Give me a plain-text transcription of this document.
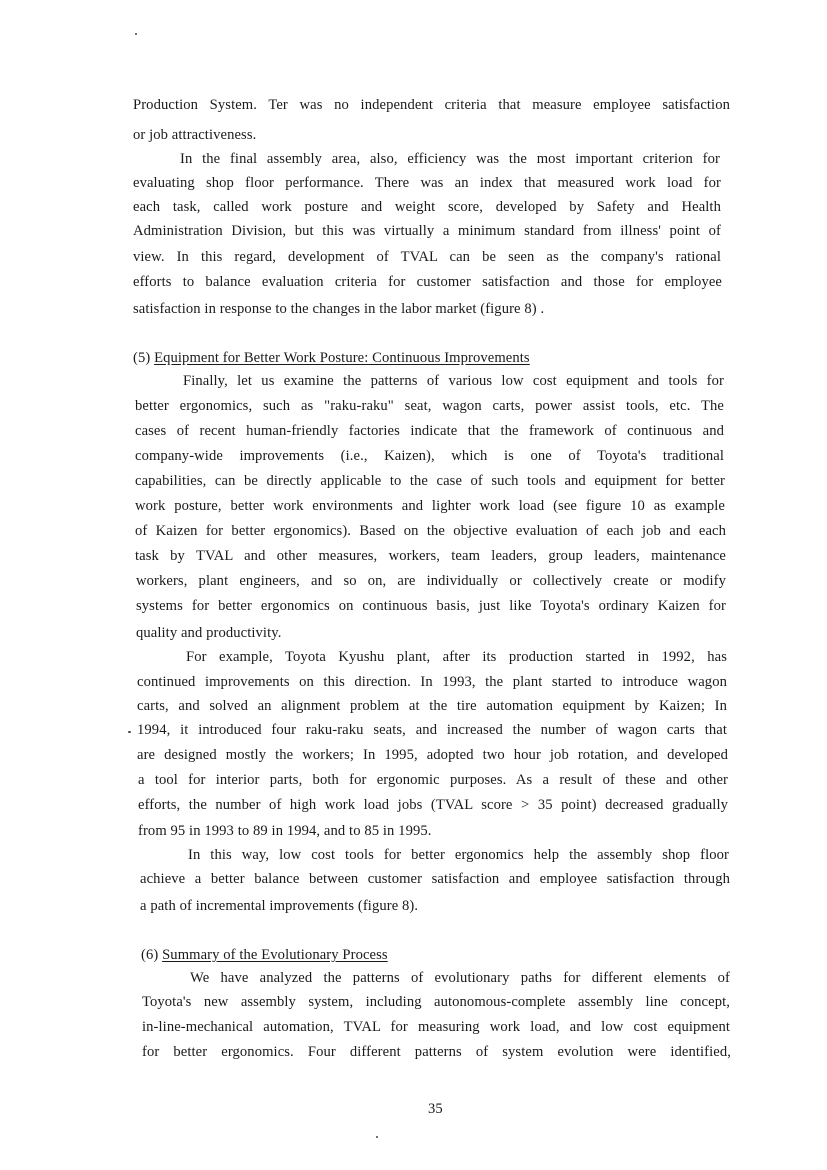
Production System. Ter was no independent criteria that measure employee satisfaction
or job attractiveness.
In the final assembly area, also, efficiency was the most important criterion for
evaluating shop floor performance. There was an index that measured work load for
each task, called work posture and weight score, developed by Safety and Health
Administration Division, but this was virtually a minimum standard from illness' point of
view. In this regard, development of TVAL can be seen as the company's rational
efforts to balance evaluation criteria for customer satisfaction and those for employee
satisfaction in response to the changes in the labor market (figure 8) .
(5) Equipment for Better Work Posture: Continuous Improvements
Finally, let us examine the patterns of various low cost equipment and tools for
better ergonomics, such as "raku-raku" seat, wagon carts, power assist tools, etc. The
cases of recent human-friendly factories indicate that the framework of continuous and
company-wide improvements (i.e., Kaizen), which is one of Toyota's traditional
capabilities, can be directly applicable to the case of such tools and equipment for better
work posture, better work environments and lighter work load (see figure 10 as example
of Kaizen for better ergonomics). Based on the objective evaluation of each job and each
task by TVAL and other measures, workers, team leaders, group leaders, maintenance
workers, plant engineers, and so on, are individually or collectively create or modify
systems for better ergonomics on continuous basis, just like Toyota's ordinary Kaizen for
quality and productivity.
For example, Toyota Kyushu plant, after its production started in 1992, has
continued improvements on this direction. In 1993, the plant started to introduce wagon
carts, and solved an alignment problem at the tire automation equipment by Kaizen; In
1994, it introduced four raku-raku seats, and increased the number of wagon carts that
are designed mostly the workers; In 1995, adopted two hour job rotation, and developed
a tool for interior parts, both for ergonomic purposes. As a result of these and other
efforts, the number of high work load jobs (TVAL score > 35 point) decreased gradually
from 95 in 1993 to 89 in 1994, and to 85 in 1995.
In this way, low cost tools for better ergonomics help the assembly shop floor
achieve a better balance between customer satisfaction and employee satisfaction through
a path of incremental improvements (figure 8).
(6) Summary of the Evolutionary Process
We have analyzed the patterns of evolutionary paths for different elements of
Toyota's new assembly system, including autonomous-complete assembly line concept,
in-line-mechanical automation, TVAL for measuring work load, and low cost equipment
for better ergonomics. Four different patterns of system evolution were identified,
35
